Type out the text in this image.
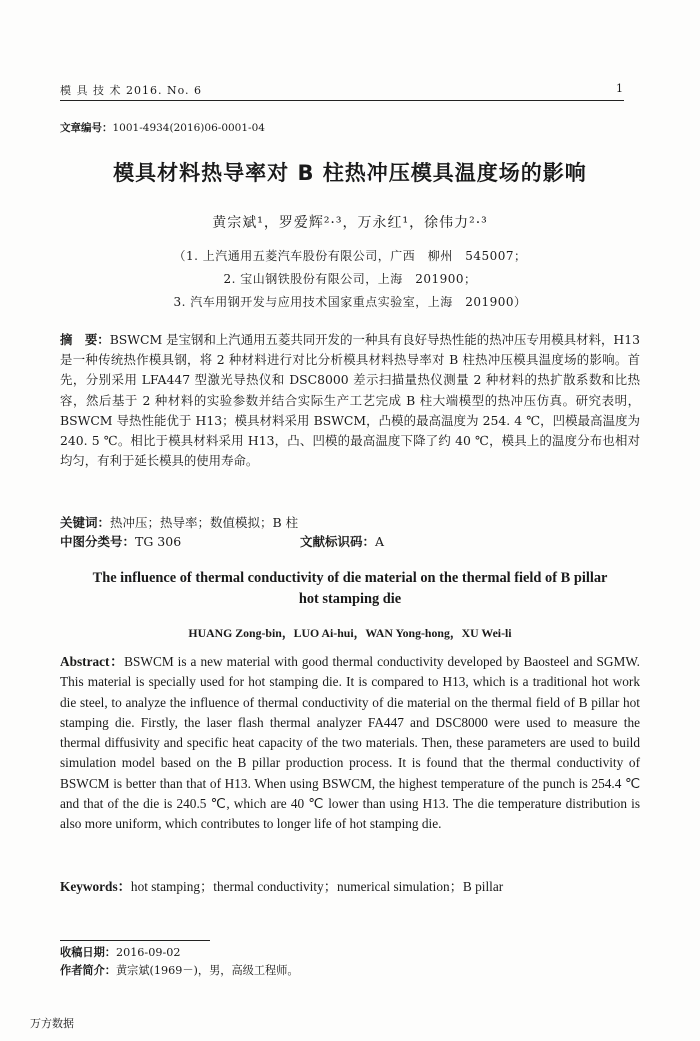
模 具 技 术 2016. No. 6	1
文章编号：1001-4934(2016)06-0001-04
模具材料热导率对 B 柱热冲压模具温度场的影响
黄宗斌¹，罗爱辉²·³，万永红¹，徐伟力²·³
（1. 上汽通用五菱汽车股份有限公司，广西　柳州　545007；
2. 宝山钢铁股份有限公司，上海　201900；
3. 汽车用钢开发与应用技术国家重点实验室，上海　201900）
摘　要：BSWCM 是宝钢和上汽通用五菱共同开发的一种具有良好导热性能的热冲压专用模具材料，H13 是一种传统热作模具钢，将 2 种材料进行对比分析模具材料热导率对 B 柱热冲压模具温度场的影响。首先，分别采用 LFA447 型激光导热仪和 DSC8000 差示扫描量热仪测量 2 种材料的热扩散系数和比热容，然后基于 2 种材料的实验参数并结合实际生产工艺完成 B 柱大端模型的热冲压仿真。研究表明，BSWCM 导热性能优于 H13；模具材料采用 BSWCM，凸模的最高温度为 254. 4 ℃，凹模最高温度为 240. 5 ℃。相比于模具材料采用 H13，凸、凹模的最高温度下降了约 40 ℃，模具上的温度分布也相对均匀，有利于延长模具的使用寿命。
关键词：热冲压；热导率；数值模拟；B 柱
中图分类号：TG 306	文献标识码：A
The influence of thermal conductivity of die material on the thermal field of B pillar hot stamping die
HUANG Zong-bin，LUO Ai-hui，WAN Yong-hong，XU Wei-li
Abstract：BSWCM is a new material with good thermal conductivity developed by Baosteel and SGMW. This material is specially used for hot stamping die. It is compared to H13, which is a traditional hot work die steel, to analyze the influence of thermal conductivity of die material on the thermal field of B pillar hot stamping die. Firstly, the laser flash thermal analyzer FA447 and DSC8000 were used to measure the thermal diffusivity and specific heat capacity of the two materials. Then, these parameters are used to build simulation model based on the B pillar production process. It is found that the thermal conductivity of BSWCM is better than that of H13. When using BSWCM, the highest temperature of the punch is 254.4 ℃ and that of the die is 240.5 ℃, which are 40 ℃ lower than using H13. The die temperature distribution is also more uniform, which contributes to longer life of hot stamping die.
Keywords：hot stamping；thermal conductivity；numerical simulation；B pillar
收稿日期：2016-09-02
作者简介：黄宗斌(1969－)，男，高级工程师。
万方数据
